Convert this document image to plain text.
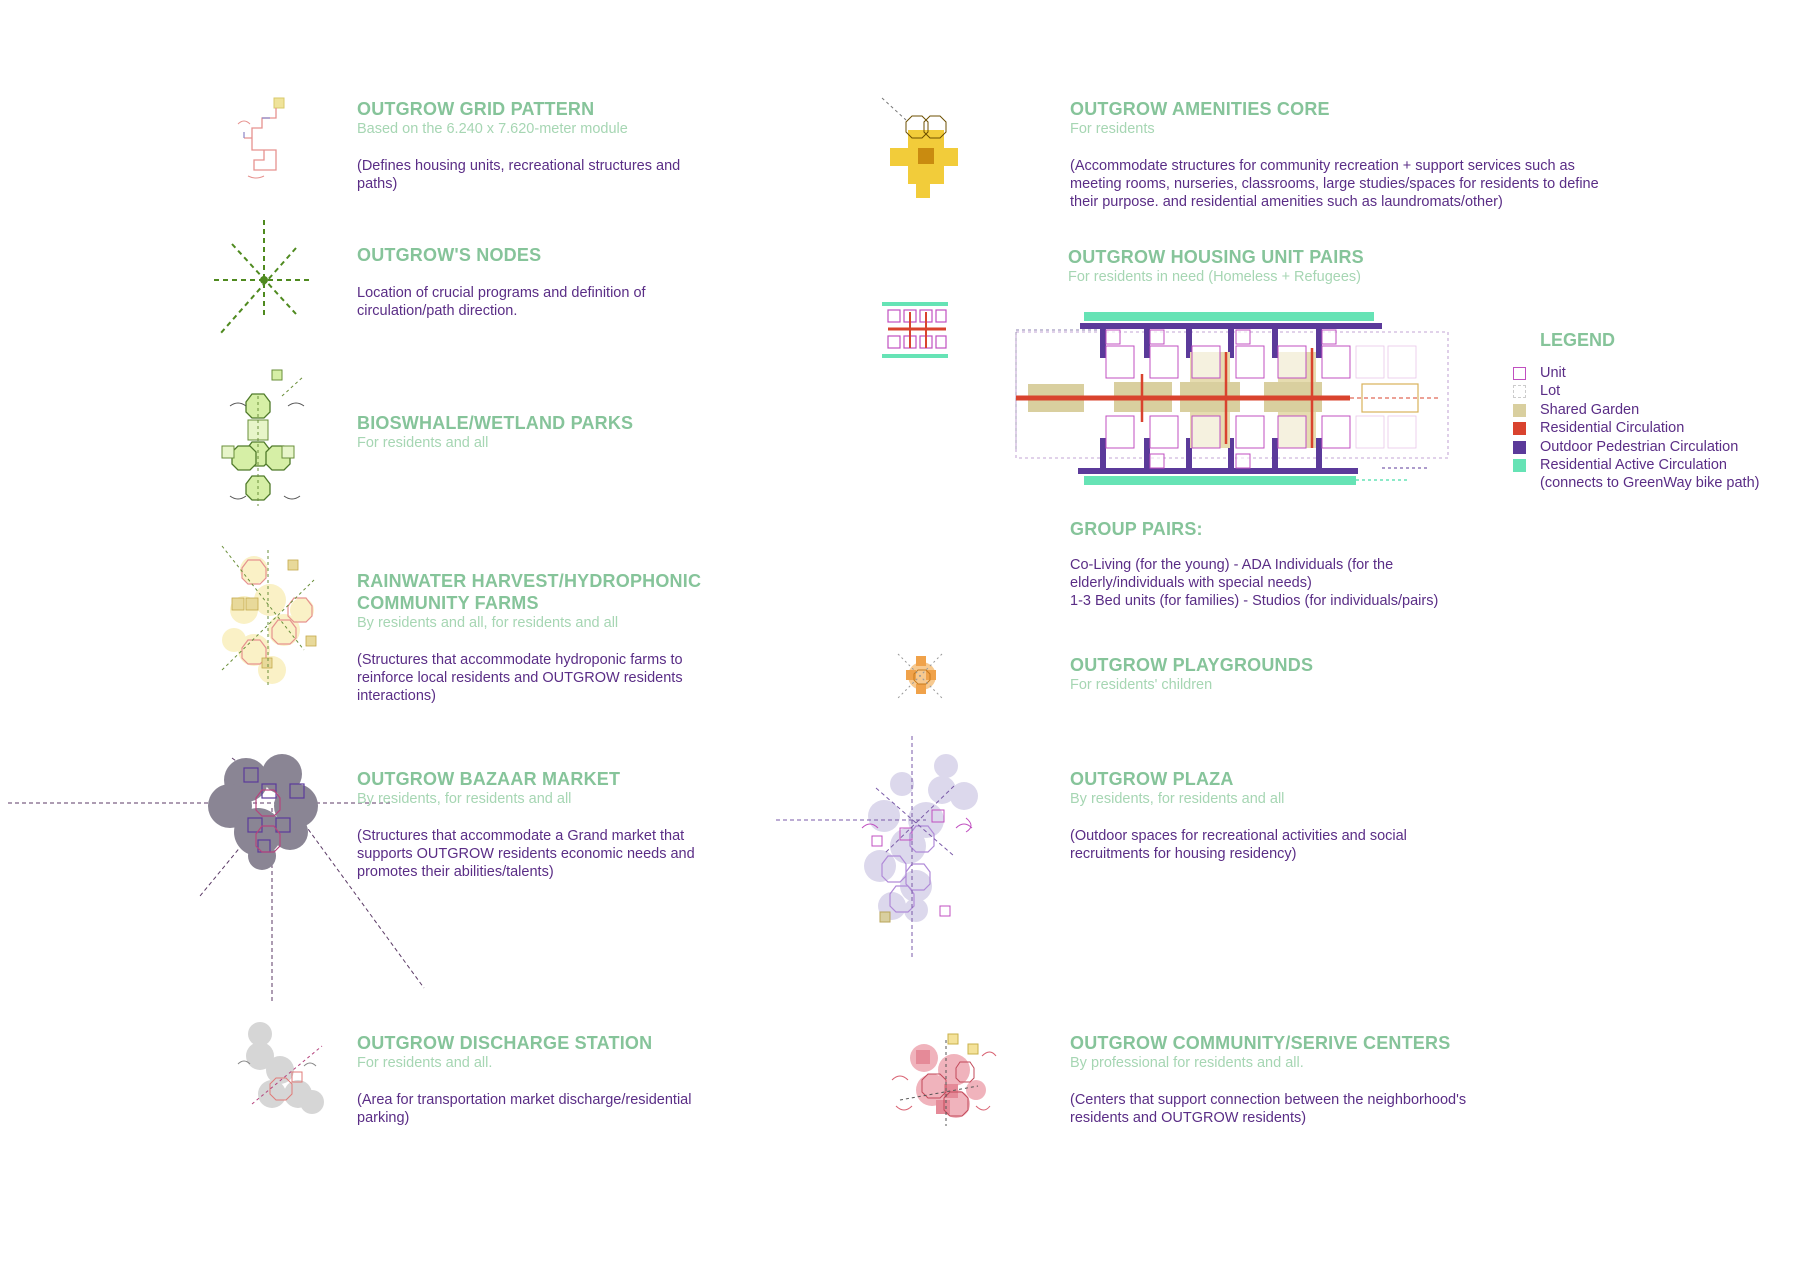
OUTGROW GRID PATTERN
Based on the 6.240 x 7.620-meter module
(Defines housing units, recreational structures and paths)
OUTGROW'S NODES
Location of crucial programs and definition of circulation/path direction.
BIOSWHALE/WETLAND PARKS
For residents and all
RAINWATER HARVEST/HYDROPHONIC COMMUNITY FARMS
By residents and all, for residents and all
(Structures that accommodate hydroponic farms to reinforce local residents and OUTGROW residents interactions)
OUTGROW BAZAAR MARKET
By residents, for residents and all
(Structures that accommodate a Grand market that supports OUTGROW residents economic needs and promotes their abilities/talents)
OUTGROW DISCHARGE STATION
For residents and all.
(Area for transportation market discharge/residential parking)
OUTGROW AMENITIES CORE
For residents
(Accommodate structures for community recreation + support services such as meeting rooms, nurseries, classrooms, large studies/spaces for residents to define their purpose. and residential amenities such as laundromats/other)
OUTGROW HOUSING UNIT PAIRS
For residents in need (Homeless + Refugees)
LEGEND
Unit
Lot
Shared Garden
Residential Circulation
Outdoor Pedestrian Circulation
Residential Active Circulation
(connects to GreenWay bike path)
GROUP PAIRS:
Co-Living (for the young) - ADA Individuals (for the elderly/individuals with special needs)
1-3 Bed units (for families) - Studios (for individuals/pairs)
OUTGROW PLAYGROUNDS
For residents' children
OUTGROW PLAZA
By residents, for residents and all
(Outdoor spaces for recreational activities and social recruitments for housing residency)
OUTGROW COMMUNITY/SERIVE CENTERS
By professional for residents and all.
(Centers that support connection between the neighborhood's residents and OUTGROW residents)
